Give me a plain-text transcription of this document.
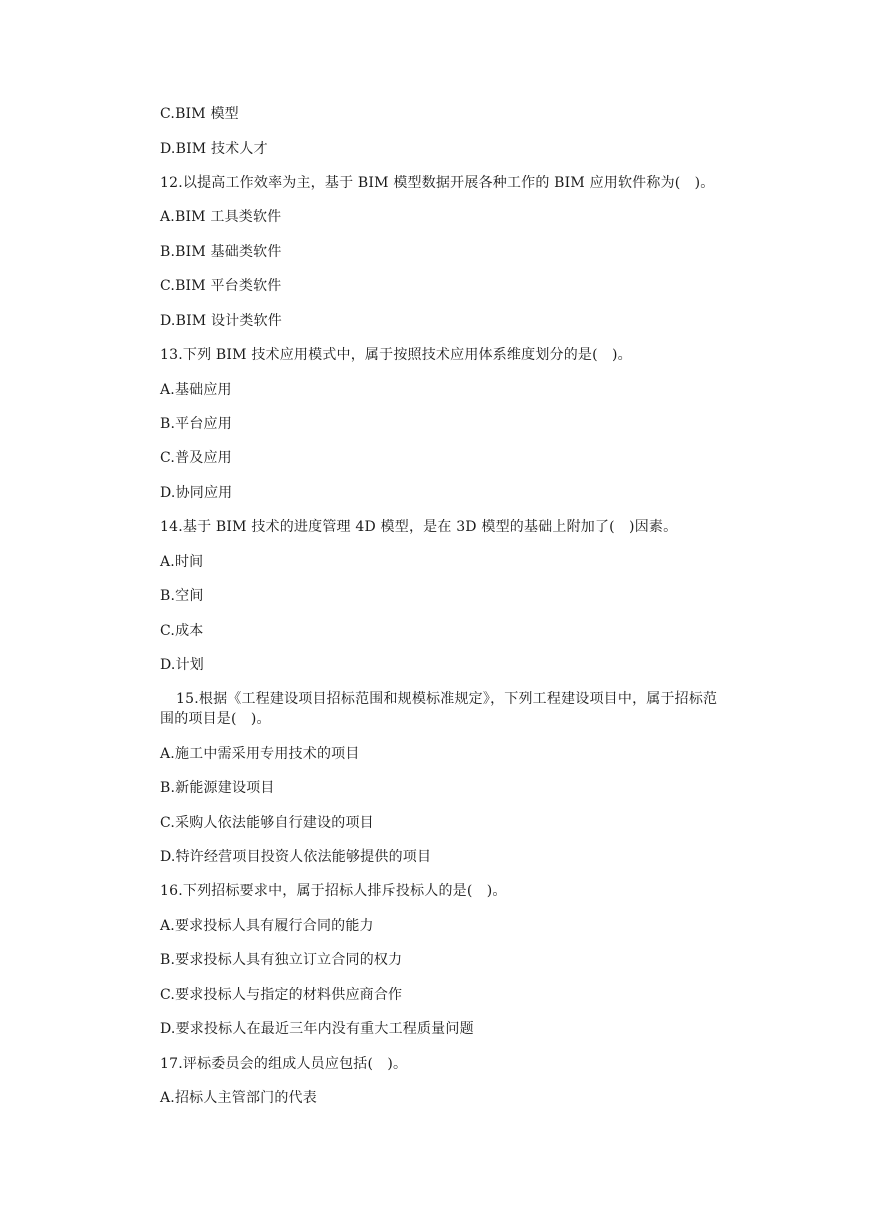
C.BIM 模型
D.BIM 技术人才
12.以提高工作效率为主，基于 BIM 模型数据开展各种工作的 BIM 应用软件称为(　)。
A.BIM 工具类软件
B.BIM 基础类软件
C.BIM 平台类软件
D.BIM 设计类软件
13.下列 BIM 技术应用模式中，属于按照技术应用体系维度划分的是(　)。
A.基础应用
B.平台应用
C.普及应用
D.协同应用
14.基于 BIM 技术的进度管理 4D 模型，是在 3D 模型的基础上附加了(　)因素。
A.时间
B.空间
C.成本
D.计划
15.根据《工程建设项目招标范围和规模标准规定》，下列工程建设项目中，属于招标范围的项目是(　)。
A.施工中需采用专用技术的项目
B.新能源建设项目
C.采购人依法能够自行建设的项目
D.特许经营项目投资人依法能够提供的项目
16.下列招标要求中，属于招标人排斥投标人的是(　)。
A.要求投标人具有履行合同的能力
B.要求投标人具有独立订立合同的权力
C.要求投标人与指定的材料供应商合作
D.要求投标人在最近三年内没有重大工程质量问题
17.评标委员会的组成人员应包括(　)。
A.招标人主管部门的代表
